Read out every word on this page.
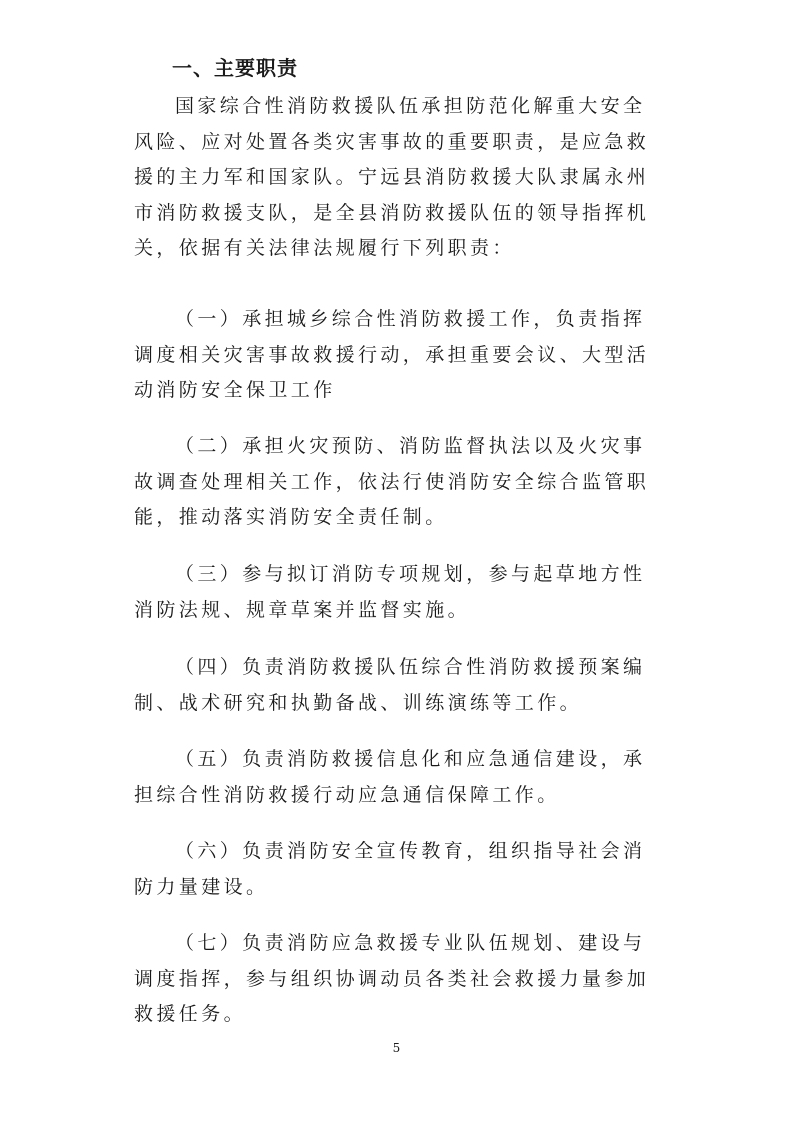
一、主要职责

国家综合性消防救援队伍承担防范化解重大安全风险、应对处置各类灾害事故的重要职责，是应急救援的主力军和国家队。宁远县消防救援大队隶属永州市消防救援支队，是全县消防救援队伍的领导指挥机关，依据有关法律法规履行下列职责：

（一）承担城乡综合性消防救援工作，负责指挥调度相关灾害事故救援行动，承担重要会议、大型活动消防安全保卫工作

（二）承担火灾预防、消防监督执法以及火灾事故调查处理相关工作，依法行使消防安全综合监管职能，推动落实消防安全责任制。

（三）参与拟订消防专项规划，参与起草地方性消防法规、规章草案并监督实施。

（四）负责消防救援队伍综合性消防救援预案编制、战术研究和执勤备战、训练演练等工作。

（五）负责消防救援信息化和应急通信建设，承担综合性消防救援行动应急通信保障工作。

（六）负责消防安全宣传教育，组织指导社会消防力量建设。

（七）负责消防应急救援专业队伍规划、建设与调度指挥，参与组织协调动员各类社会救援力量参加救援任务。

5
